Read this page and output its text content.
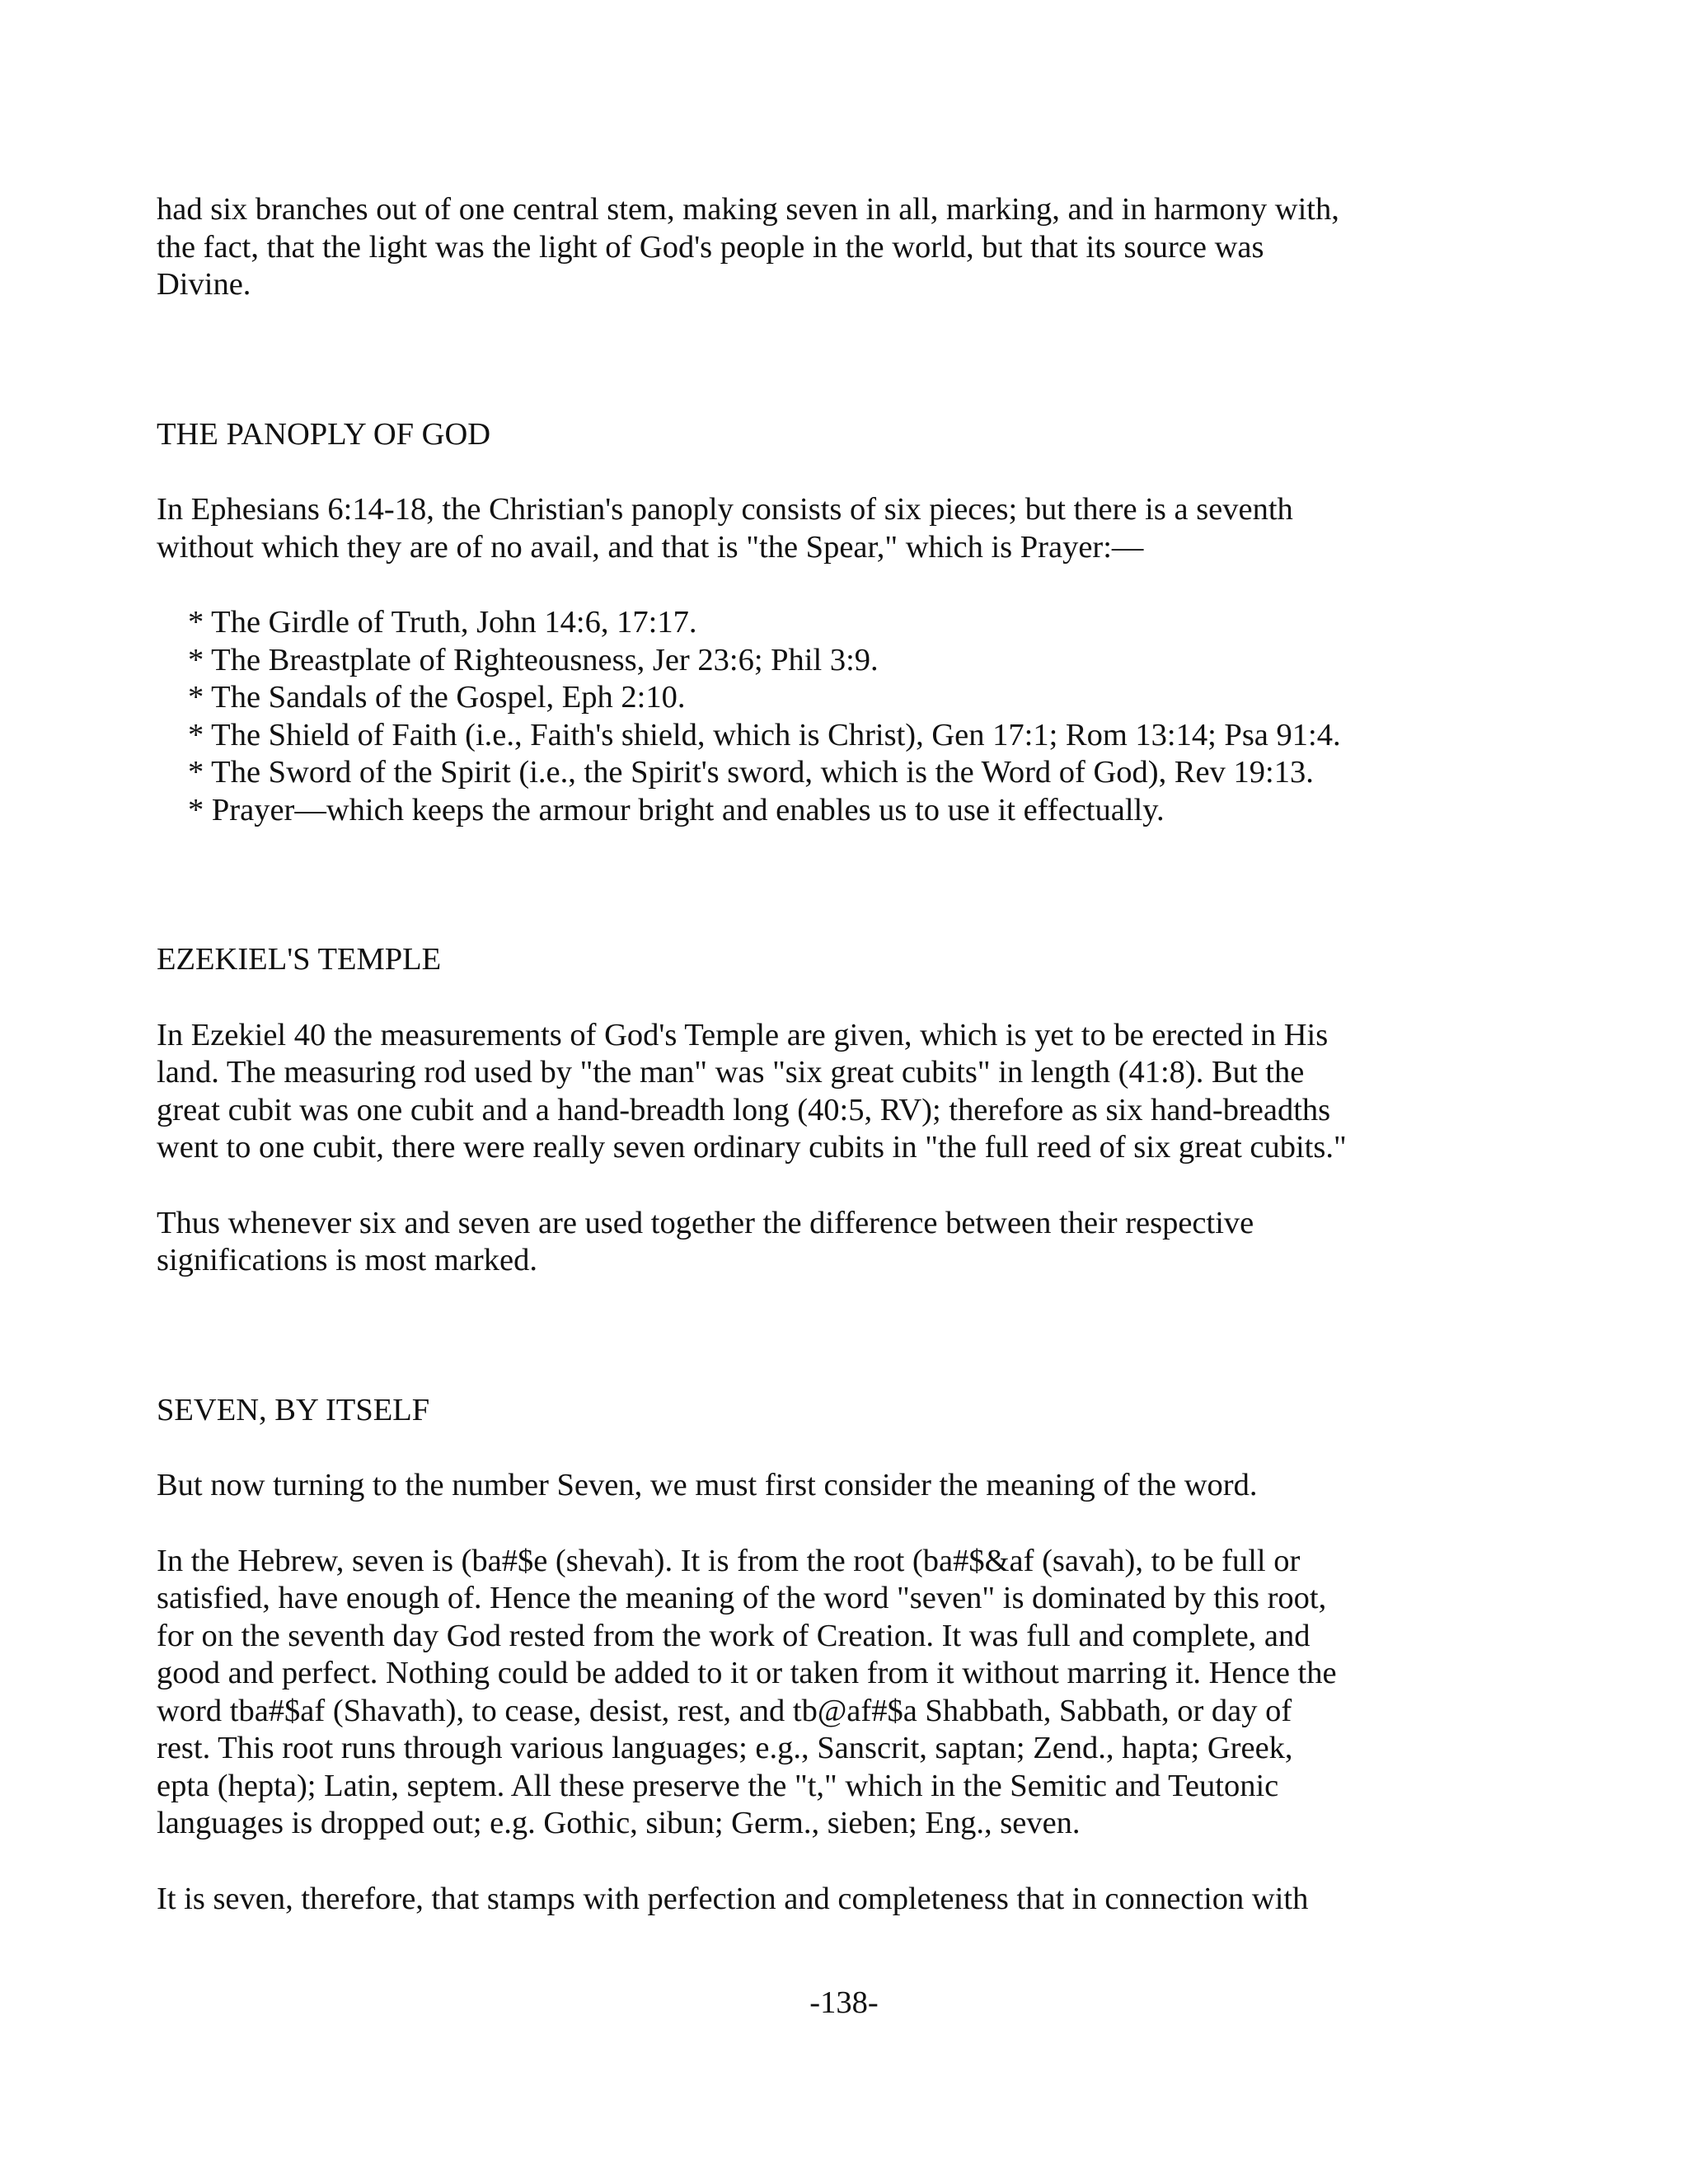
had six branches out of one central stem, making seven in all, marking, and in harmony with,
the fact, that the light was the light of God's people in the world, but that its source was
Divine.
THE PANOPLY OF GOD
In Ephesians 6:14-18, the Christian's panoply consists of six pieces; but there is a seventh
without which they are of no avail, and that is "the Spear," which is Prayer:—
* The Girdle of Truth, John 14:6, 17:17.
* The Breastplate of Righteousness, Jer 23:6; Phil 3:9.
* The Sandals of the Gospel, Eph 2:10.
* The Shield of Faith (i.e., Faith's shield, which is Christ), Gen 17:1; Rom 13:14; Psa 91:4.
* The Sword of the Spirit (i.e., the Spirit's sword, which is the Word of God), Rev 19:13.
* Prayer—which keeps the armour bright and enables us to use it effectually.
EZEKIEL'S TEMPLE
In Ezekiel 40 the measurements of God's Temple are given, which is yet to be erected in His
land. The measuring rod used by "the man" was "six great cubits" in length (41:8). But the
great cubit was one cubit and a hand-breadth long (40:5, RV); therefore as six hand-breadths
went to one cubit, there were really seven ordinary cubits in "the full reed of six great cubits."
Thus whenever six and seven are used together the difference between their respective
significations is most marked.
SEVEN, BY ITSELF
But now turning to the number Seven, we must first consider the meaning of the word.
In the Hebrew, seven is (ba#$e (shevah). It is from the root (ba#$&af (savah), to be full or
satisfied, have enough of. Hence the meaning of the word "seven" is dominated by this root,
for on the seventh day God rested from the work of Creation. It was full and complete, and
good and perfect. Nothing could be added to it or taken from it without marring it. Hence the
word tba#$af (Shavath), to cease, desist, rest, and tb@af#$a Shabbath, Sabbath, or day of
rest. This root runs through various languages; e.g., Sanscrit, saptan; Zend., hapta; Greek,
epta (hepta); Latin, septem. All these preserve the "t," which in the Semitic and Teutonic
languages is dropped out; e.g. Gothic, sibun; Germ., sieben; Eng., seven.
It is seven, therefore, that stamps with perfection and completeness that in connection with
-138-
